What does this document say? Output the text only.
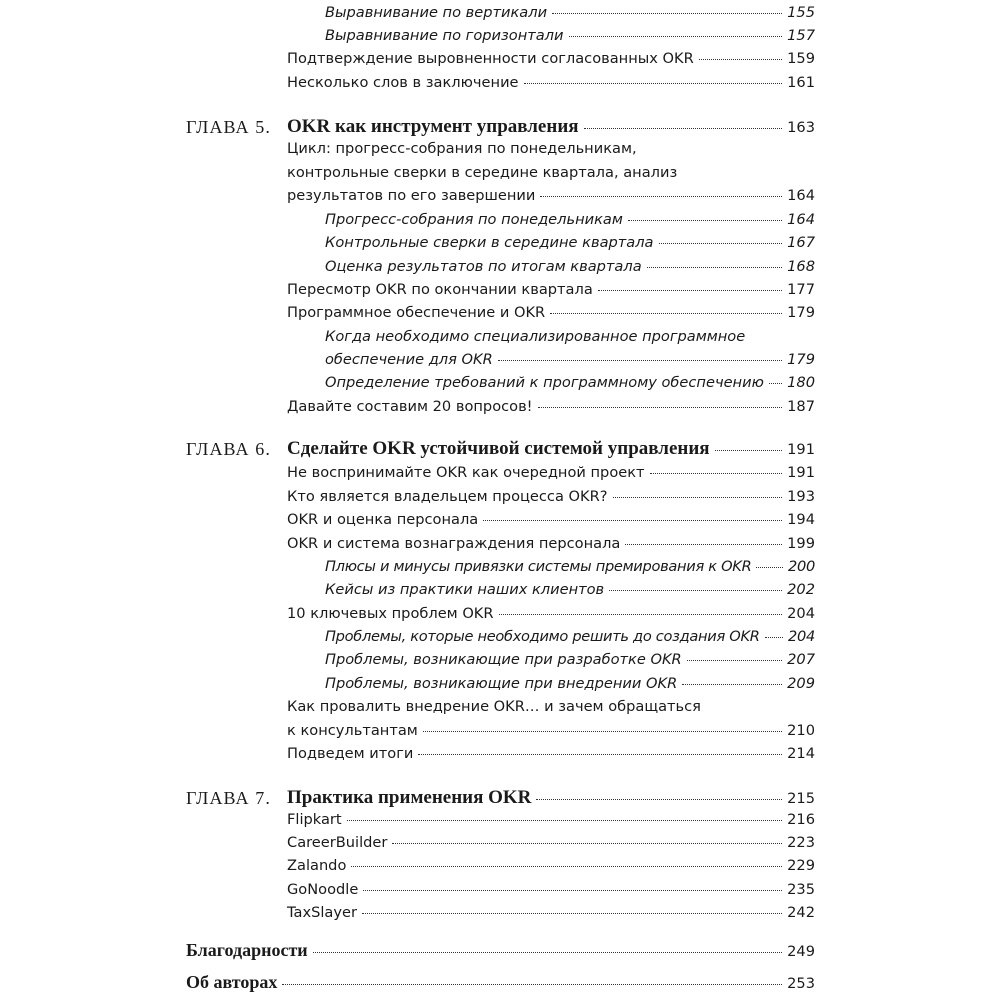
Выравнивание по вертикали	155
Выравнивание по горизонтали	157
Подтверждение выровненности согласованных OKR	159
Несколько слов в заключение	161
ГЛАВА 5. OKR как инструмент управления	163
Цикл: прогресс-собрания по понедельникам,
контрольные сверки в середине квартала, анализ
результатов по его завершении	164
Прогресс-собрания по понедельникам	164
Контрольные сверки в середине квартала	167
Оценка результатов по итогам квартала	168
Пересмотр OKR по окончании квартала	177
Программное обеспечение и OKR	179
Когда необходимо специализированное программное
обеспечение для OKR	179
Определение требований к программному обеспечению 180
Давайте составим 20 вопросов!	187
ГЛАВА 6. Сделайте OKR устойчивой системой управления	191
Не воспринимайте OKR как очередной проект	191
Кто является владельцем процесса OKR?	193
OKR и оценка персонала	194
OKR и система вознаграждения персонала	199
Плюсы и минусы привязки системы премирования к OKR	200
Кейсы из практики наших клиентов	202
10 ключевых проблем OKR	204
Проблемы, которые необходимо решить до создания OKR 204
Проблемы, возникающие при разработке OKR	207
Проблемы, возникающие при внедрении OKR	209
Как провалить внедрение OKR… и зачем обращаться
к консультантам	210
Подведем итоги	214
ГЛАВА 7. Практика применения OKR	215
Flipkart	216
CareerBuilder	223
Zalando	229
GoNoodle	235
TaxSlayer	242
Благодарности	249
Об авторах	253
